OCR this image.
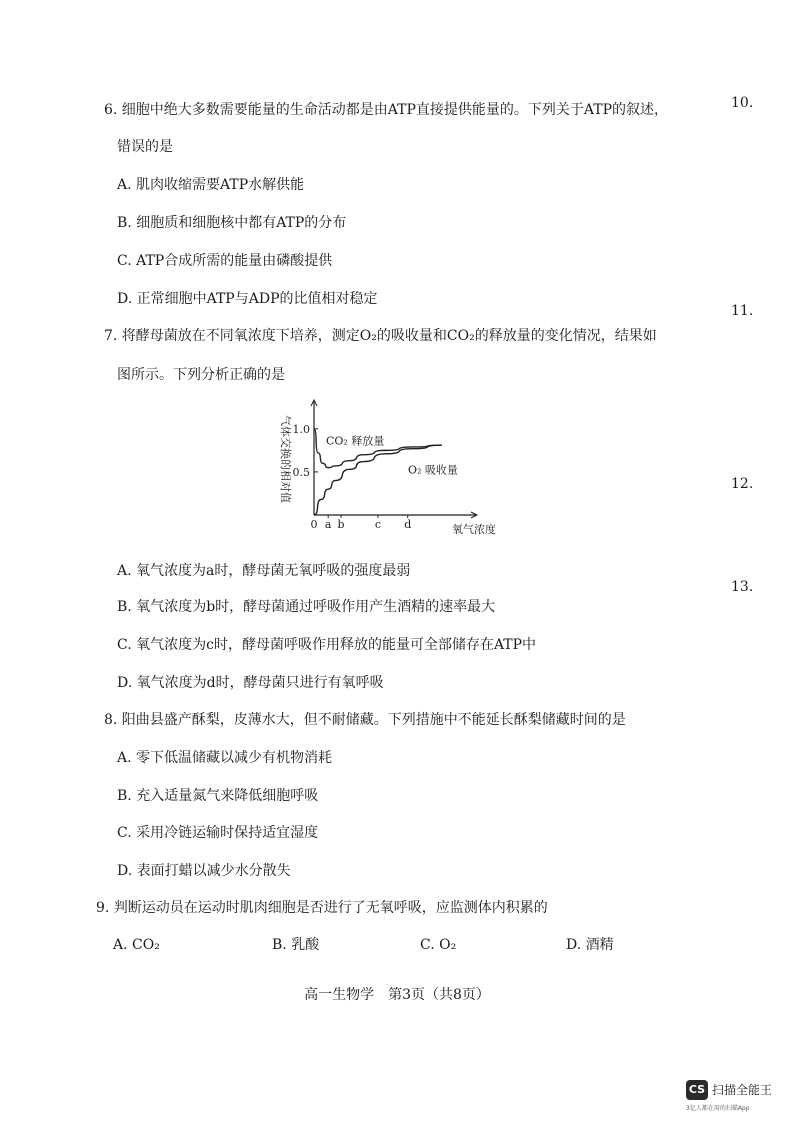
6. 细胞中绝大多数需要能量的生命活动都是由ATP直接提供能量的。下列关于ATP的叙述，
错误的是
A. 肌肉收缩需要ATP水解供能
B. 细胞质和细胞核中都有ATP的分布
C. ATP合成所需的能量由磷酸提供
D. 正常细胞中ATP与ADP的比值相对稳定
7. 将酵母菌放在不同氧浓度下培养，测定O₂的吸收量和CO₂的释放量的变化情况，结果如
图所示。下列分析正确的是
1.0
0.5
0 a b	c d
气体交换的相对值
氧气浓度
CO₂ 释放量
O₂ 吸收量
A. 氧气浓度为a时，酵母菌无氧呼吸的强度最弱
B. 氧气浓度为b时，酵母菌通过呼吸作用产生酒精的速率最大
C. 氧气浓度为c时，酵母菌呼吸作用释放的能量可全部储存在ATP中
D. 氧气浓度为d时，酵母菌只进行有氧呼吸
8. 阳曲县盛产酥梨，皮薄水大，但不耐储藏。下列措施中不能延长酥梨储藏时间的是
A. 零下低温储藏以减少有机物消耗
B. 充入适量氮气来降低细胞呼吸
C. 采用冷链运输时保持适宜湿度
D. 表面打蜡以减少水分散失
9. 判断运动员在运动时肌肉细胞是否进行了无氧呼吸，应监测体内积累的
A. CO₂	B. 乳酸	C. O₂	D. 酒精
10.
11.
12.
13.
高一生物学　第3页（共8页）
CS 扫描全能王
3亿人都在用的扫描App
